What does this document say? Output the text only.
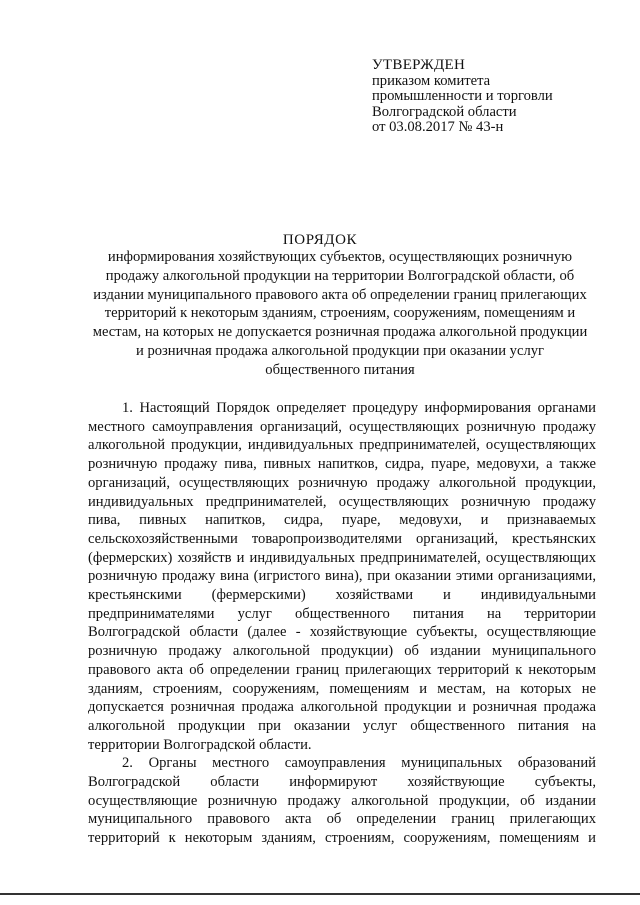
УТВЕРЖДЕН
приказом комитета
промышленности и торговли
Волгоградской области
от 03.08.2017 № 43-н
ПОРЯДОК
информирования хозяйствующих субъектов, осуществляющих розничную
продажу алкогольной продукции на территории Волгоградской области, об
издании муниципального правового акта об определении границ прилегающих
территорий к некоторым зданиям, строениям, сооружениям, помещениям и
местам, на которых не допускается розничная продажа алкогольной продукции
и розничная продажа алкогольной продукции при оказании услуг
общественного питания
1. Настоящий Порядок определяет процедуру информирования органами
местного самоуправления организаций, осуществляющих розничную продажу
алкогольной продукции, индивидуальных предпринимателей, осуществляющих
розничную продажу пива, пивных напитков, сидра, пуаре, медовухи, а также
организаций, осуществляющих розничную продажу алкогольной продукции,
индивидуальных предпринимателей, осуществляющих розничную продажу
пива, пивных напитков, сидра, пуаре, медовухи, и признаваемых
сельскохозяйственными товаропроизводителями организаций, крестьянских
(фермерских) хозяйств и индивидуальных предпринимателей, осуществляющих
розничную продажу вина (игристого вина), при оказании этими организациями,
крестьянскими (фермерскими) хозяйствами и индивидуальными
предпринимателями услуг общественного питания на территории
Волгоградской области (далее - хозяйствующие субъекты, осуществляющие
розничную продажу алкогольной продукции) об издании муниципального
правового акта об определении границ прилегающих территорий к некоторым
зданиям, строениям, сооружениям, помещениям и местам, на которых не
допускается розничная продажа алкогольной продукции и розничная продажа
алкогольной продукции при оказании услуг общественного питания на
территории Волгоградской области.
2. Органы местного самоуправления муниципальных образований
Волгоградской области информируют хозяйствующие субъекты,
осуществляющие розничную продажу алкогольной продукции, об издании
муниципального правового акта об определении границ прилегающих
территорий к некоторым зданиям, строениям, сооружениям, помещениям и
